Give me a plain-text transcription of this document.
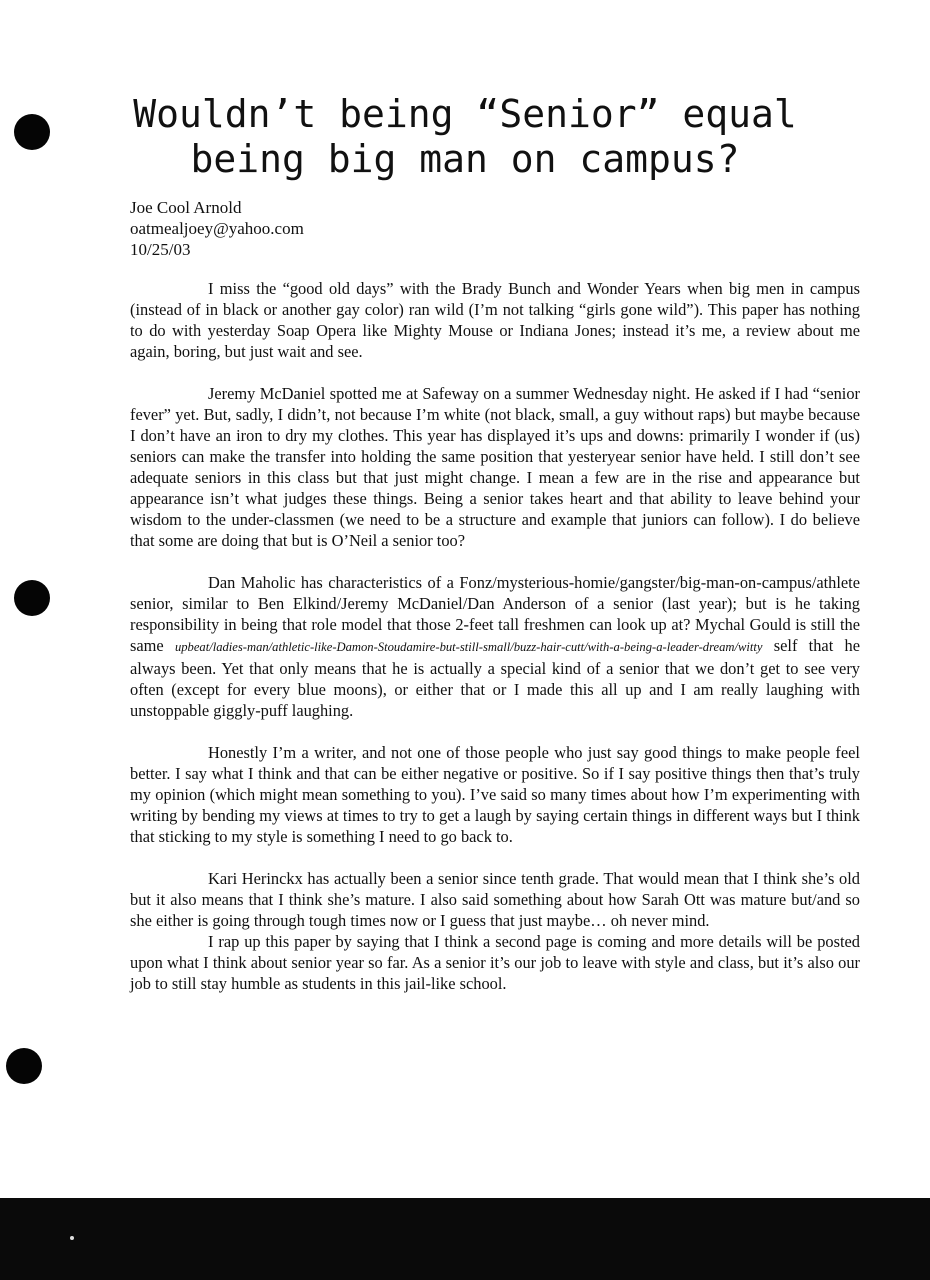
Wouldn’t being “Senior” equal
being big man on campus?
Joe Cool Arnold
oatmealjoey@yahoo.com
10/25/03

I miss the “good old days” with the Brady Bunch and Wonder Years when big men in campus (instead of in black or another gay color) ran wild (I’m not talking “girls gone wild”). This paper has nothing to do with yesterday Soap Opera like Mighty Mouse or Indiana Jones; instead it’s me, a review about me again, boring, but just wait and see.

Jeremy McDaniel spotted me at Safeway on a summer Wednesday night. He asked if I had “senior fever” yet. But, sadly, I didn’t, not because I’m white (not black, small, a guy without raps) but maybe because I don’t have an iron to dry my clothes. This year has displayed it’s ups and downs: primarily I wonder if (us) seniors can make the transfer into holding the same position that yesteryear senior have held. I still don’t see adequate seniors in this class but that just might change. I mean a few are in the rise and appearance but appearance isn’t what judges these things. Being a senior takes heart and that ability to leave behind your wisdom to the under-classmen (we need to be a structure and example that juniors can follow). I do believe that some are doing that but is O’Neil a senior too?

Dan Maholic has characteristics of a Fonz/mysterious-homie/gangster/big-man-on-campus/athlete senior, similar to Ben Elkind/Jeremy McDaniel/Dan Anderson of a senior (last year); but is he taking responsibility in being that role model that those 2-feet tall freshmen can look up at? Mychal Gould is still the same upbeat/ladies-man/athletic-like-Damon-Stoudamire-but-still-small/buzz-hair-cutt/with-a-being-a-leader-dream/witty self that he always been. Yet that only means that he is actually a special kind of a senior that we don’t get to see very often (except for every blue moons), or either that or I made this all up and I am really laughing with unstoppable giggly-puff laughing.

Honestly I’m a writer, and not one of those people who just say good things to make people feel better. I say what I think and that can be either negative or positive. So if I say positive things then that’s truly my opinion (which might mean something to you). I’ve said so many times about how I’m experimenting with writing by bending my views at times to try to get a laugh by saying certain things in different ways but I think that sticking to my style is something I need to go back to.

Kari Herinckx has actually been a senior since tenth grade. That would mean that I think she’s old but it also means that I think she’s mature. I also said something about how Sarah Ott was mature but/and so she either is going through tough times now or I guess that just maybe… oh never mind.

I rap up this paper by saying that I think a second page is coming and more details will be posted upon what I think about senior year so far. As a senior it’s our job to leave with style and class, but it’s also our job to still stay humble as students in this jail-like school.
